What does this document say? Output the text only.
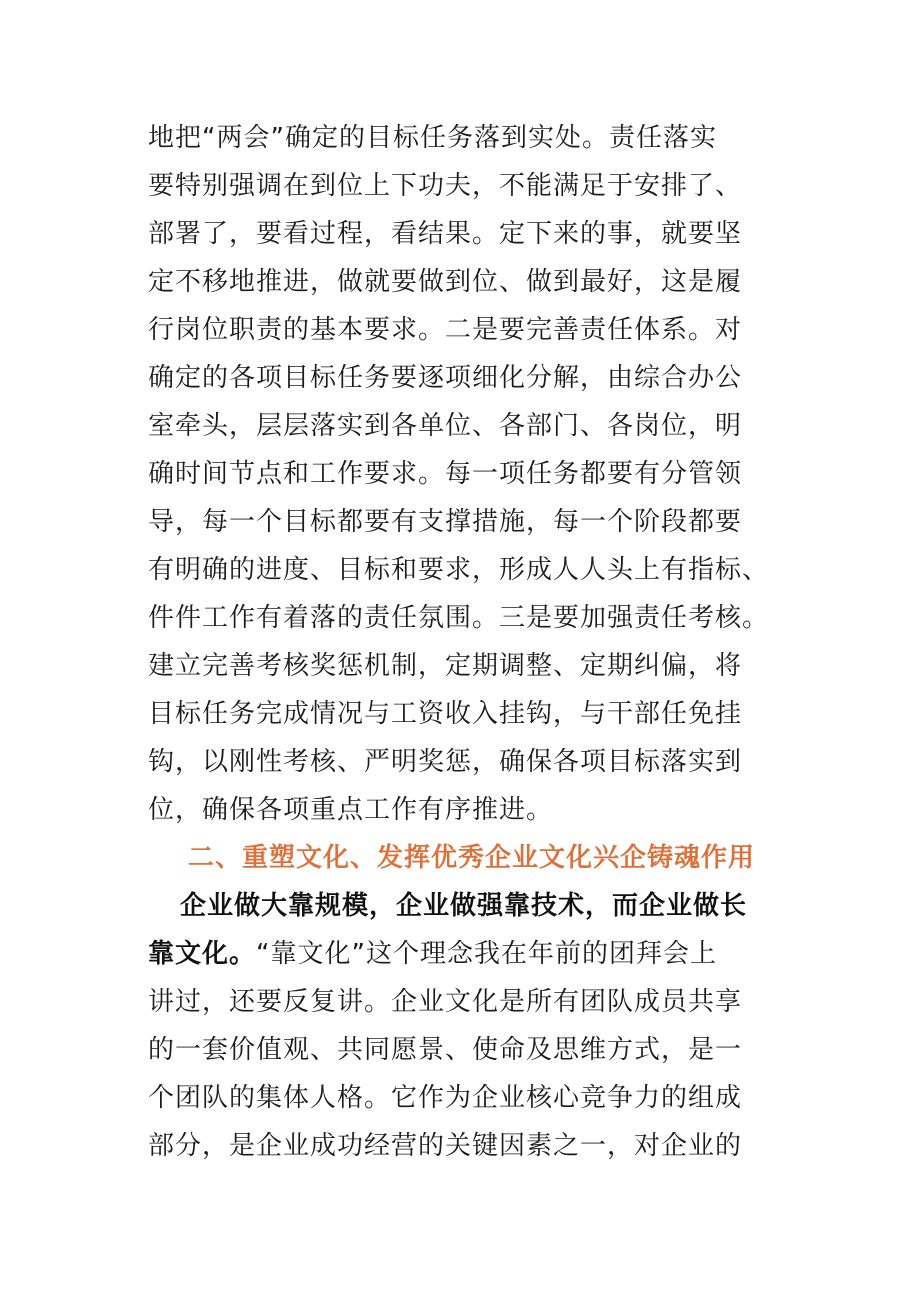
地把“两会”确定的目标任务落到实处。责任落实
要特别强调在到位上下功夫，不能满足于安排了、
部署了，要看过程，看结果。定下来的事，就要坚
定不移地推进，做就要做到位、做到最好，这是履
行岗位职责的基本要求。二是要完善责任体系。对
确定的各项目标任务要逐项细化分解，由综合办公
室牵头，层层落实到各单位、各部门、各岗位，明
确时间节点和工作要求。每一项任务都要有分管领
导，每一个目标都要有支撑措施，每一个阶段都要
有明确的进度、目标和要求，形成人人头上有指标、
件件工作有着落的责任氛围。三是要加强责任考核。
建立完善考核奖惩机制，定期调整、定期纠偏，将
目标任务完成情况与工资收入挂钩，与干部任免挂
钩，以刚性考核、严明奖惩，确保各项目标落实到
位，确保各项重点工作有序推进。
二、重塑文化、发挥优秀企业文化兴企铸魂作用
企业做大靠规模，企业做强靠技术，而企业做长
靠文化。“靠文化”这个理念我在年前的团拜会上
讲过，还要反复讲。企业文化是所有团队成员共享
的一套价值观、共同愿景、使命及思维方式，是一
个团队的集体人格。它作为企业核心竞争力的组成
部分，是企业成功经营的关键因素之一，对企业的
